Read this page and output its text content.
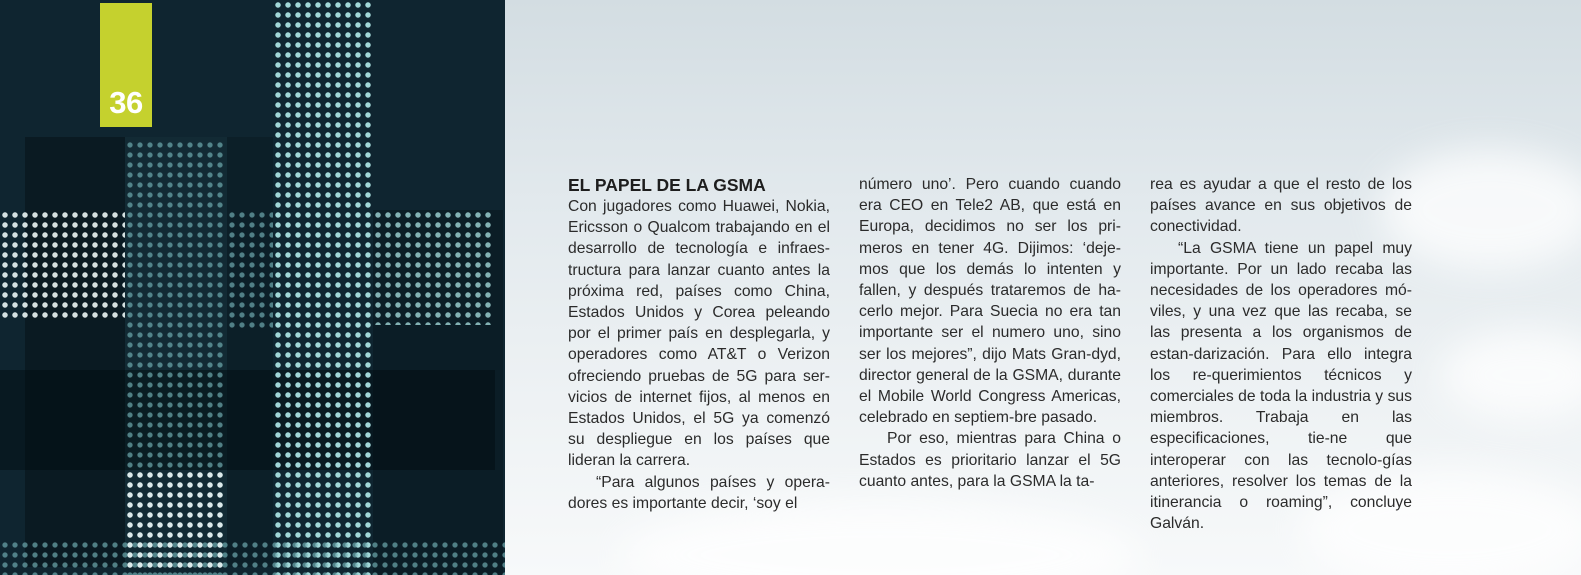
36
EL PAPEL DE LA GSMA

Con jugadores como Huawei, Nokia, Ericsson o Qualcom trabajando en el desarrollo de tecnología e infraes-tructura para lanzar cuanto antes la próxima red, países como China, Estados Unidos y Corea peleando por el primer país en desplegarla, y operadores como AT&T o Verizon ofreciendo pruebas de 5G para ser-vicios de internet fijos, al menos en Estados Unidos, el 5G ya comenzó su despliegue en los países que lideran la carrera.

“Para algunos países y opera-dores es importante decir, ‘soy el

número uno’. Pero cuando cuando era CEO en Tele2 AB, que está en Europa, decidimos no ser los pri-meros en tener 4G. Dijimos: ‘deje-mos que los demás lo intenten y fallen, y después trataremos de ha-cerlo mejor. Para Suecia no era tan importante ser el numero uno, sino ser los mejores”, dijo Mats Gran-dyd, director general de la GSMA, durante el Mobile World Congress Americas, celebrado en septiem-bre pasado.

Por eso, mientras para China o Estados es prioritario lanzar el 5G cuanto antes, para la GSMA la ta-

rea es ayudar a que el resto de los países avance en sus objetivos de conectividad.

“La GSMA tiene un papel muy importante. Por un lado recaba las necesidades de los operadores mó-viles, y una vez que las recaba, se las presenta a los organismos de estan-darización. Para ello integra los re-querimientos técnicos y comerciales de toda la industria y sus miembros. Trabaja en las especificaciones, tie-ne que interoperar con las tecnolo-gías anteriores, resolver los temas de la itinerancia o roaming”, concluye Galván.
